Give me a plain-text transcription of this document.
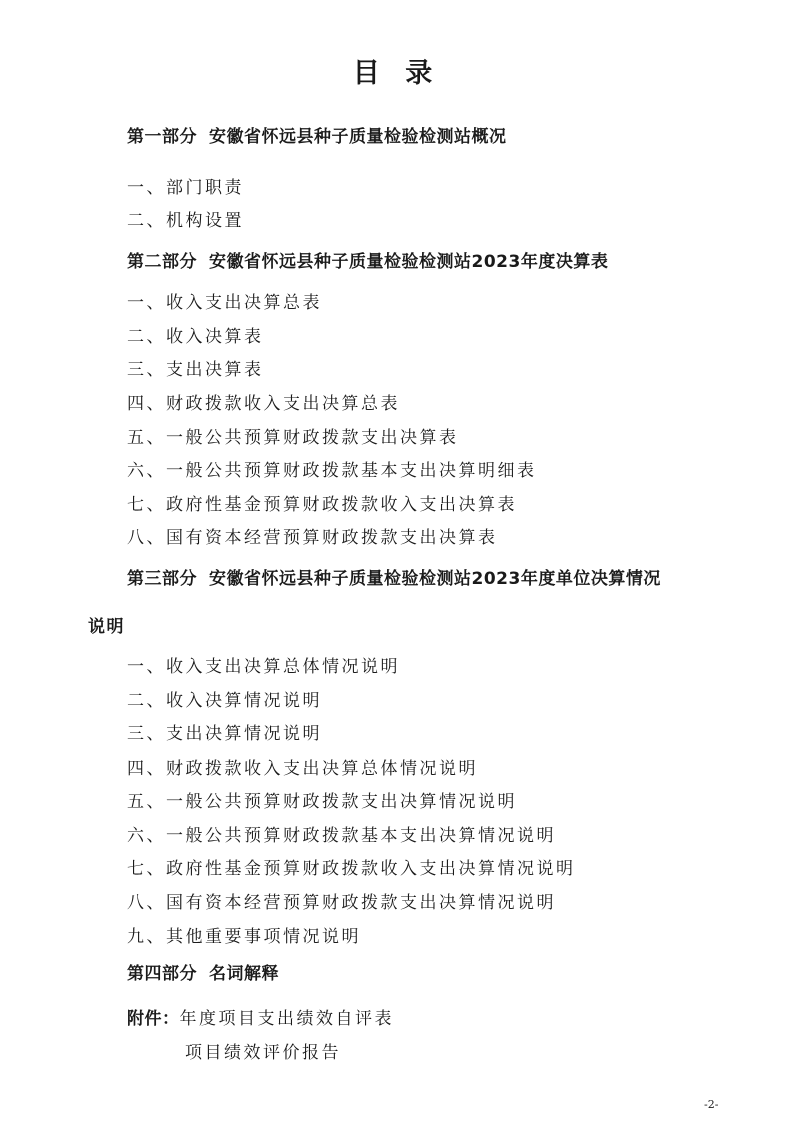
目 录
第一部分 安徽省怀远县种子质量检验检测站概况
一、部门职责
二、机构设置
第二部分 安徽省怀远县种子质量检验检测站2023年度决算表
一、收入支出决算总表
二、收入决算表
三、支出决算表
四、财政拨款收入支出决算总表
五、一般公共预算财政拨款支出决算表
六、一般公共预算财政拨款基本支出决算明细表
七、政府性基金预算财政拨款收入支出决算表
八、国有资本经营预算财政拨款支出决算表
第三部分 安徽省怀远县种子质量检验检测站2023年度单位决算情况
说明
一、收入支出决算总体情况说明
二、收入决算情况说明
三、支出决算情况说明
四、财政拨款收入支出决算总体情况说明
五、一般公共预算财政拨款支出决算情况说明
六、一般公共预算财政拨款基本支出决算情况说明
七、政府性基金预算财政拨款收入支出决算情况说明
八、国有资本经营预算财政拨款支出决算情况说明
九、其他重要事项情况说明
第四部分 名词解释
附件：年度项目支出绩效自评表
项目绩效评价报告
-2-
